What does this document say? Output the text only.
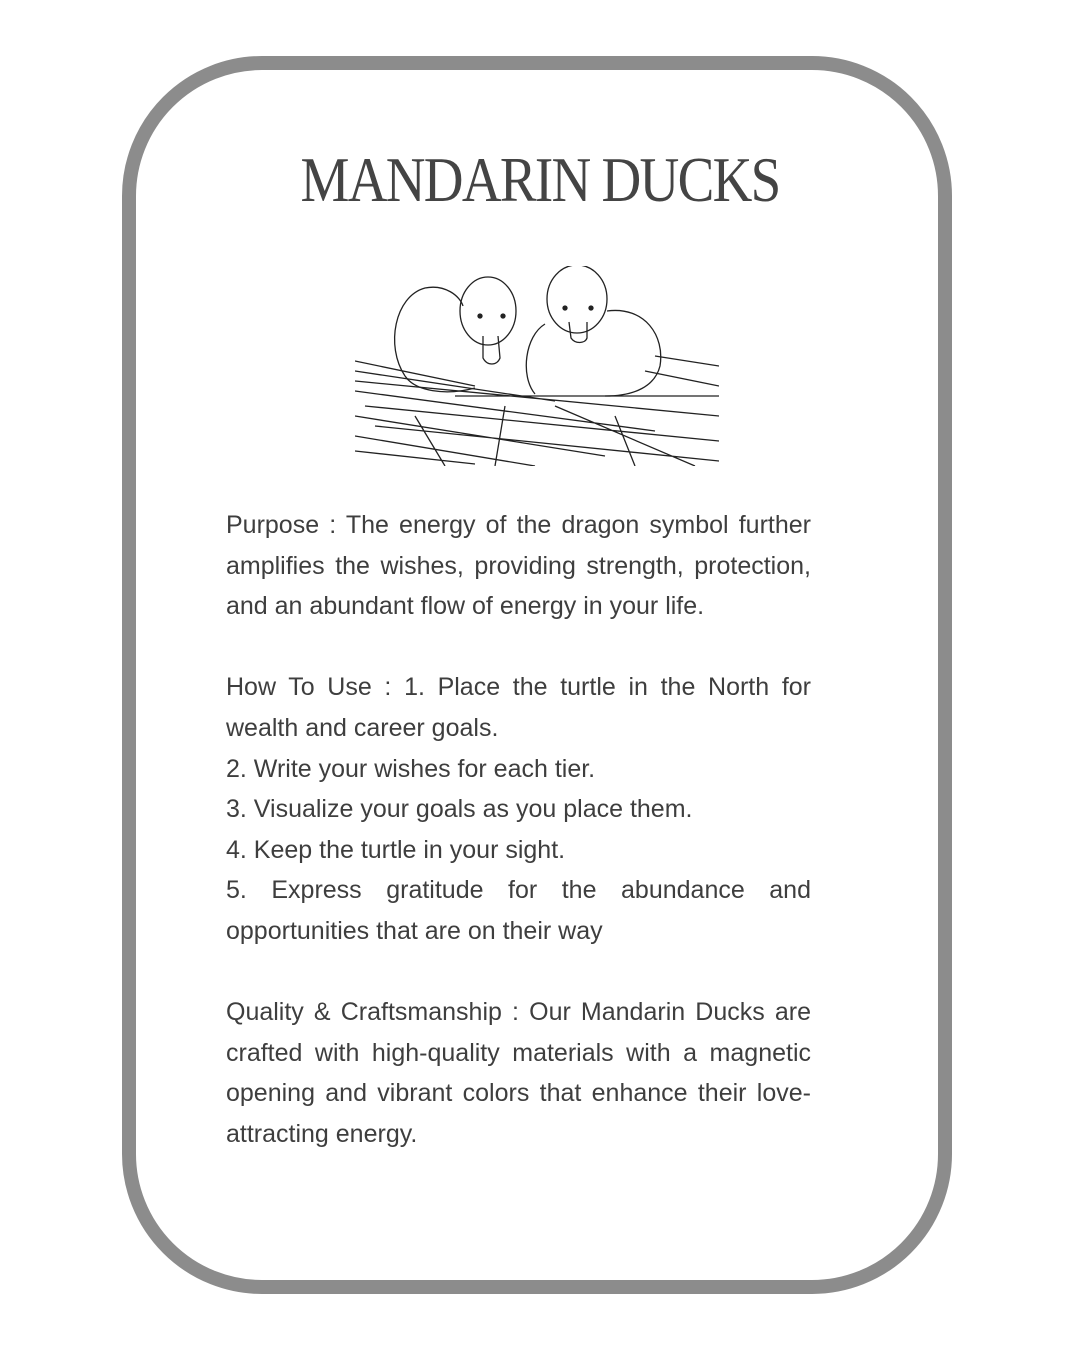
MANDARIN DUCKS

Purpose : The energy of the dragon symbol further amplifies the wishes, providing strength, protection, and an abundant flow of energy in your life.

How To Use : 1. Place the turtle in the North for wealth and career goals.

2. Write your wishes for each tier.

3. Visualize your goals as you place them.

4. Keep the turtle in your sight.

5. Express gratitude for the abundance and opportunities that are on their way

Quality & Craftsmanship : Our Mandarin Ducks are crafted with high-quality materials with a magnetic opening and vibrant colors that enhance their love-attracting energy.
